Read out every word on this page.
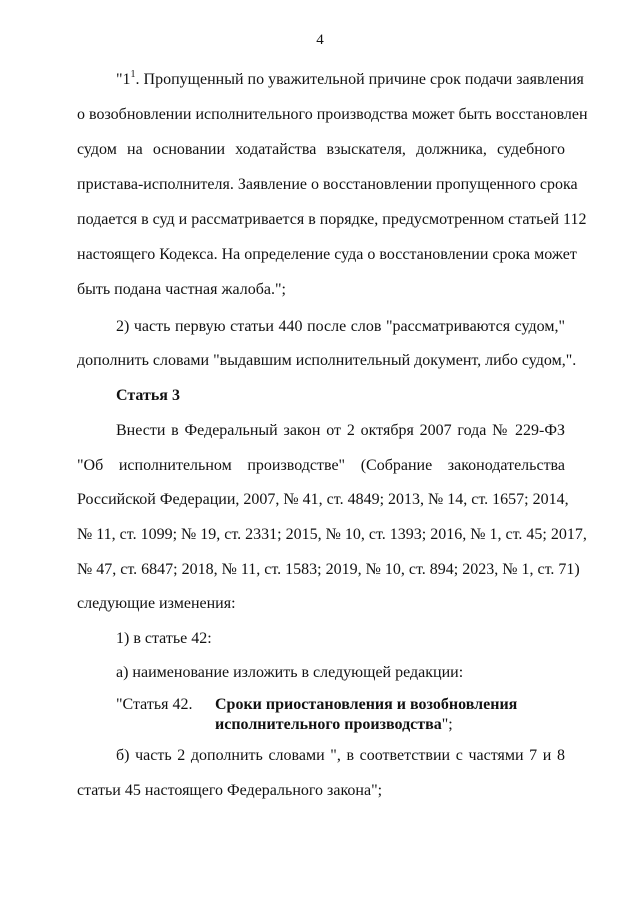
4
"$1^1$. Пропущенный по уважительной причине срок подачи заявления
о возобновлении исполнительного производства может быть восстановлен
судом на основании ходатайства взыскателя, должника, судебного
пристава-исполнителя. Заявление о восстановлении пропущенного срока
подается в суд и рассматривается в порядке, предусмотренном статьей 112
настоящего Кодекса. На определение суда о восстановлении срока может
быть подана частная жалоба.";
2) часть первую статьи 440 после слов "рассматриваются судом,"
дополнить словами "выдавшим исполнительный документ, либо судом,".
Статья 3
Внести в Федеральный закон от 2 октября 2007 года № 229-ФЗ
"Об исполнительном производстве" (Собрание законодательства
Российской Федерации, 2007, № 41, ст. 4849; 2013, № 14, ст. 1657; 2014,
№ 11, ст. 1099; № 19, ст. 2331; 2015, № 10, ст. 1393; 2016, № 1, ст. 45; 2017,
№ 47, ст. 6847; 2018, № 11, ст. 1583; 2019, № 10, ст. 894; 2023, № 1, ст. 71)
следующие изменения:
1) в статье 42:
а) наименование изложить в следующей редакции:
"Статья 42. Сроки приостановления и возобновления
исполнительного производства";
б) часть 2 дополнить словами ", в соответствии с частями 7 и 8
статьи 45 настоящего Федерального закона";
